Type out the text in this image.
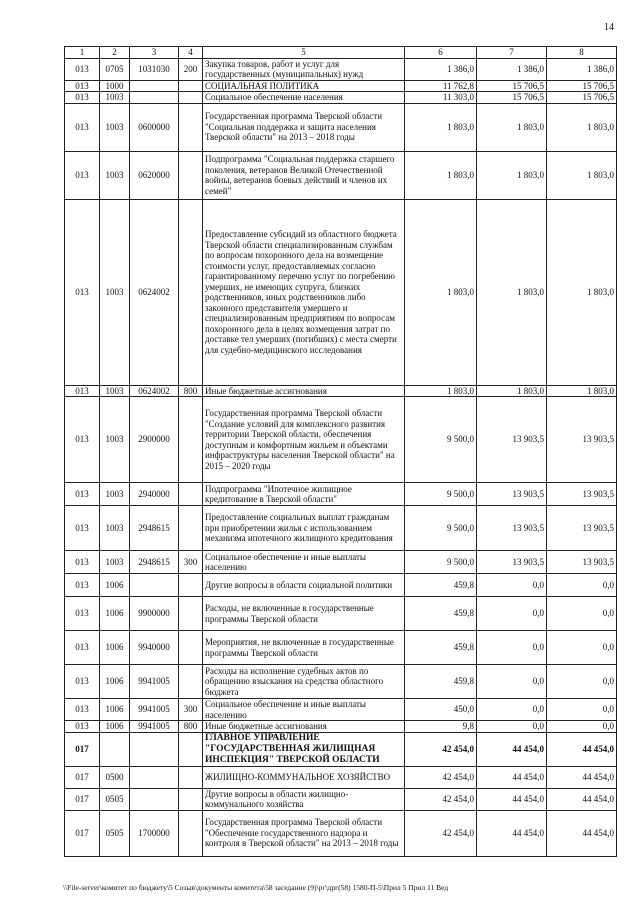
14
1	2	3	4	5	6	7	8
013	0705	1031030	200	Закупка товаров, работ и услуг для государственных (муниципальных) нужд	1 386,0	1 386,0	1 386,0
013	1000			СОЦИАЛЬНАЯ ПОЛИТИКА	11 762,8	15 706,5	15 706,5
013	1003			Социальное обеспечение населения	11 303,0	15 706,5	15 706,5
013	1003	0600000		Государственная программа Тверской области "Социальная поддержка и защита населения Тверской области" на 2013 – 2018 годы	1 803,0	1 803,0	1 803,0
013	1003	0620000		Подпрограмма "Социальная поддержка старшего поколения, ветеранов Великой Отечественной войны, ветеранов боевых действий и членов их семей"	1 803,0	1 803,0	1 803,0
013	1003	0624002		Предоставление субсидий из областного бюджета Тверской области специализированным службам по вопросам похоронного дела на возмещение стоимости услуг, предоставляемых согласно гарантированному перечню услуг по погребению умерших, не имеющих супруга, близких родственников, иных родственников либо законного представителя умершего и специализированным предприятиям по вопросам похоронного дела в целях возмещения затрат по доставке тел умерших (погибших) с места смерти для судебно-медицинского исследования	1 803,0	1 803,0	1 803,0
013	1003	0624002	800	Иные бюджетные ассигнования	1 803,0	1 803,0	1 803,0
013	1003	2900000		Государственная программа Тверской области "Создание условий для комплексного развития территории Тверской области, обеспечения доступным и комфортным жильем и объектами инфраструктуры населения Тверской области" на 2015 – 2020 годы	9 500,0	13 903,5	13 903,5
013	1003	2940000		Подпрограмма "Ипотечное жилищное кредитование в Тверской области"	9 500,0	13 903,5	13 903,5
013	1003	2948615		Предоставление социальных выплат гражданам при приобретении жилья с использованием механизма ипотечного жилищного кредитования	9 500,0	13 903,5	13 903,5
013	1003	2948615	300	Социальное обеспечение и иные выплаты населению	9 500,0	13 903,5	13 903,5
013	1006			Другие вопросы в области социальной политики	459,8	0,0	0,0
013	1006	9900000		Расходы, не включенные в государственные программы Тверской области	459,8	0,0	0,0
013	1006	9940000		Мероприятия, не включенные в государственные программы Тверской области	459,8	0,0	0,0
013	1006	9941005		Расходы на исполнение судебных актов по обращению взыскания на средства областного бюджета	459,8	0,0	0,0
013	1006	9941005	300	Социальное обеспечение и иные выплаты населению	450,0	0,0	0,0
013	1006	9941005	800	Иные бюджетные ассигнования	9,8	0,0	0,0
017				ГЛАВНОЕ УПРАВЛЕНИЕ "ГОСУДАРСТВЕННАЯ ЖИЛИЩНАЯ ИНСПЕКЦИЯ" ТВЕРСКОЙ ОБЛАСТИ	42 454,0	44 454,0	44 454,0
017	0500			ЖИЛИЩНО-КОММУНАЛЬНОЕ ХОЗЯЙСТВО	42 454,0	44 454,0	44 454,0
017	0505			Другие вопросы в области жилищно-коммунального хозяйства	42 454,0	44 454,0	44 454,0
017	0505	1700000		Государственная программа Тверской области "Обеспечение государственного надзора и контроля в Тверской области" на 2013 – 2018 годы	42 454,0	44 454,0	44 454,0
\\File-server\комитет по бюджету\5 Созыв\документы комитета\58 заседание (9)\рг\дрг(58) 1580-П-5\Прил 5 Прил 11 Вед
